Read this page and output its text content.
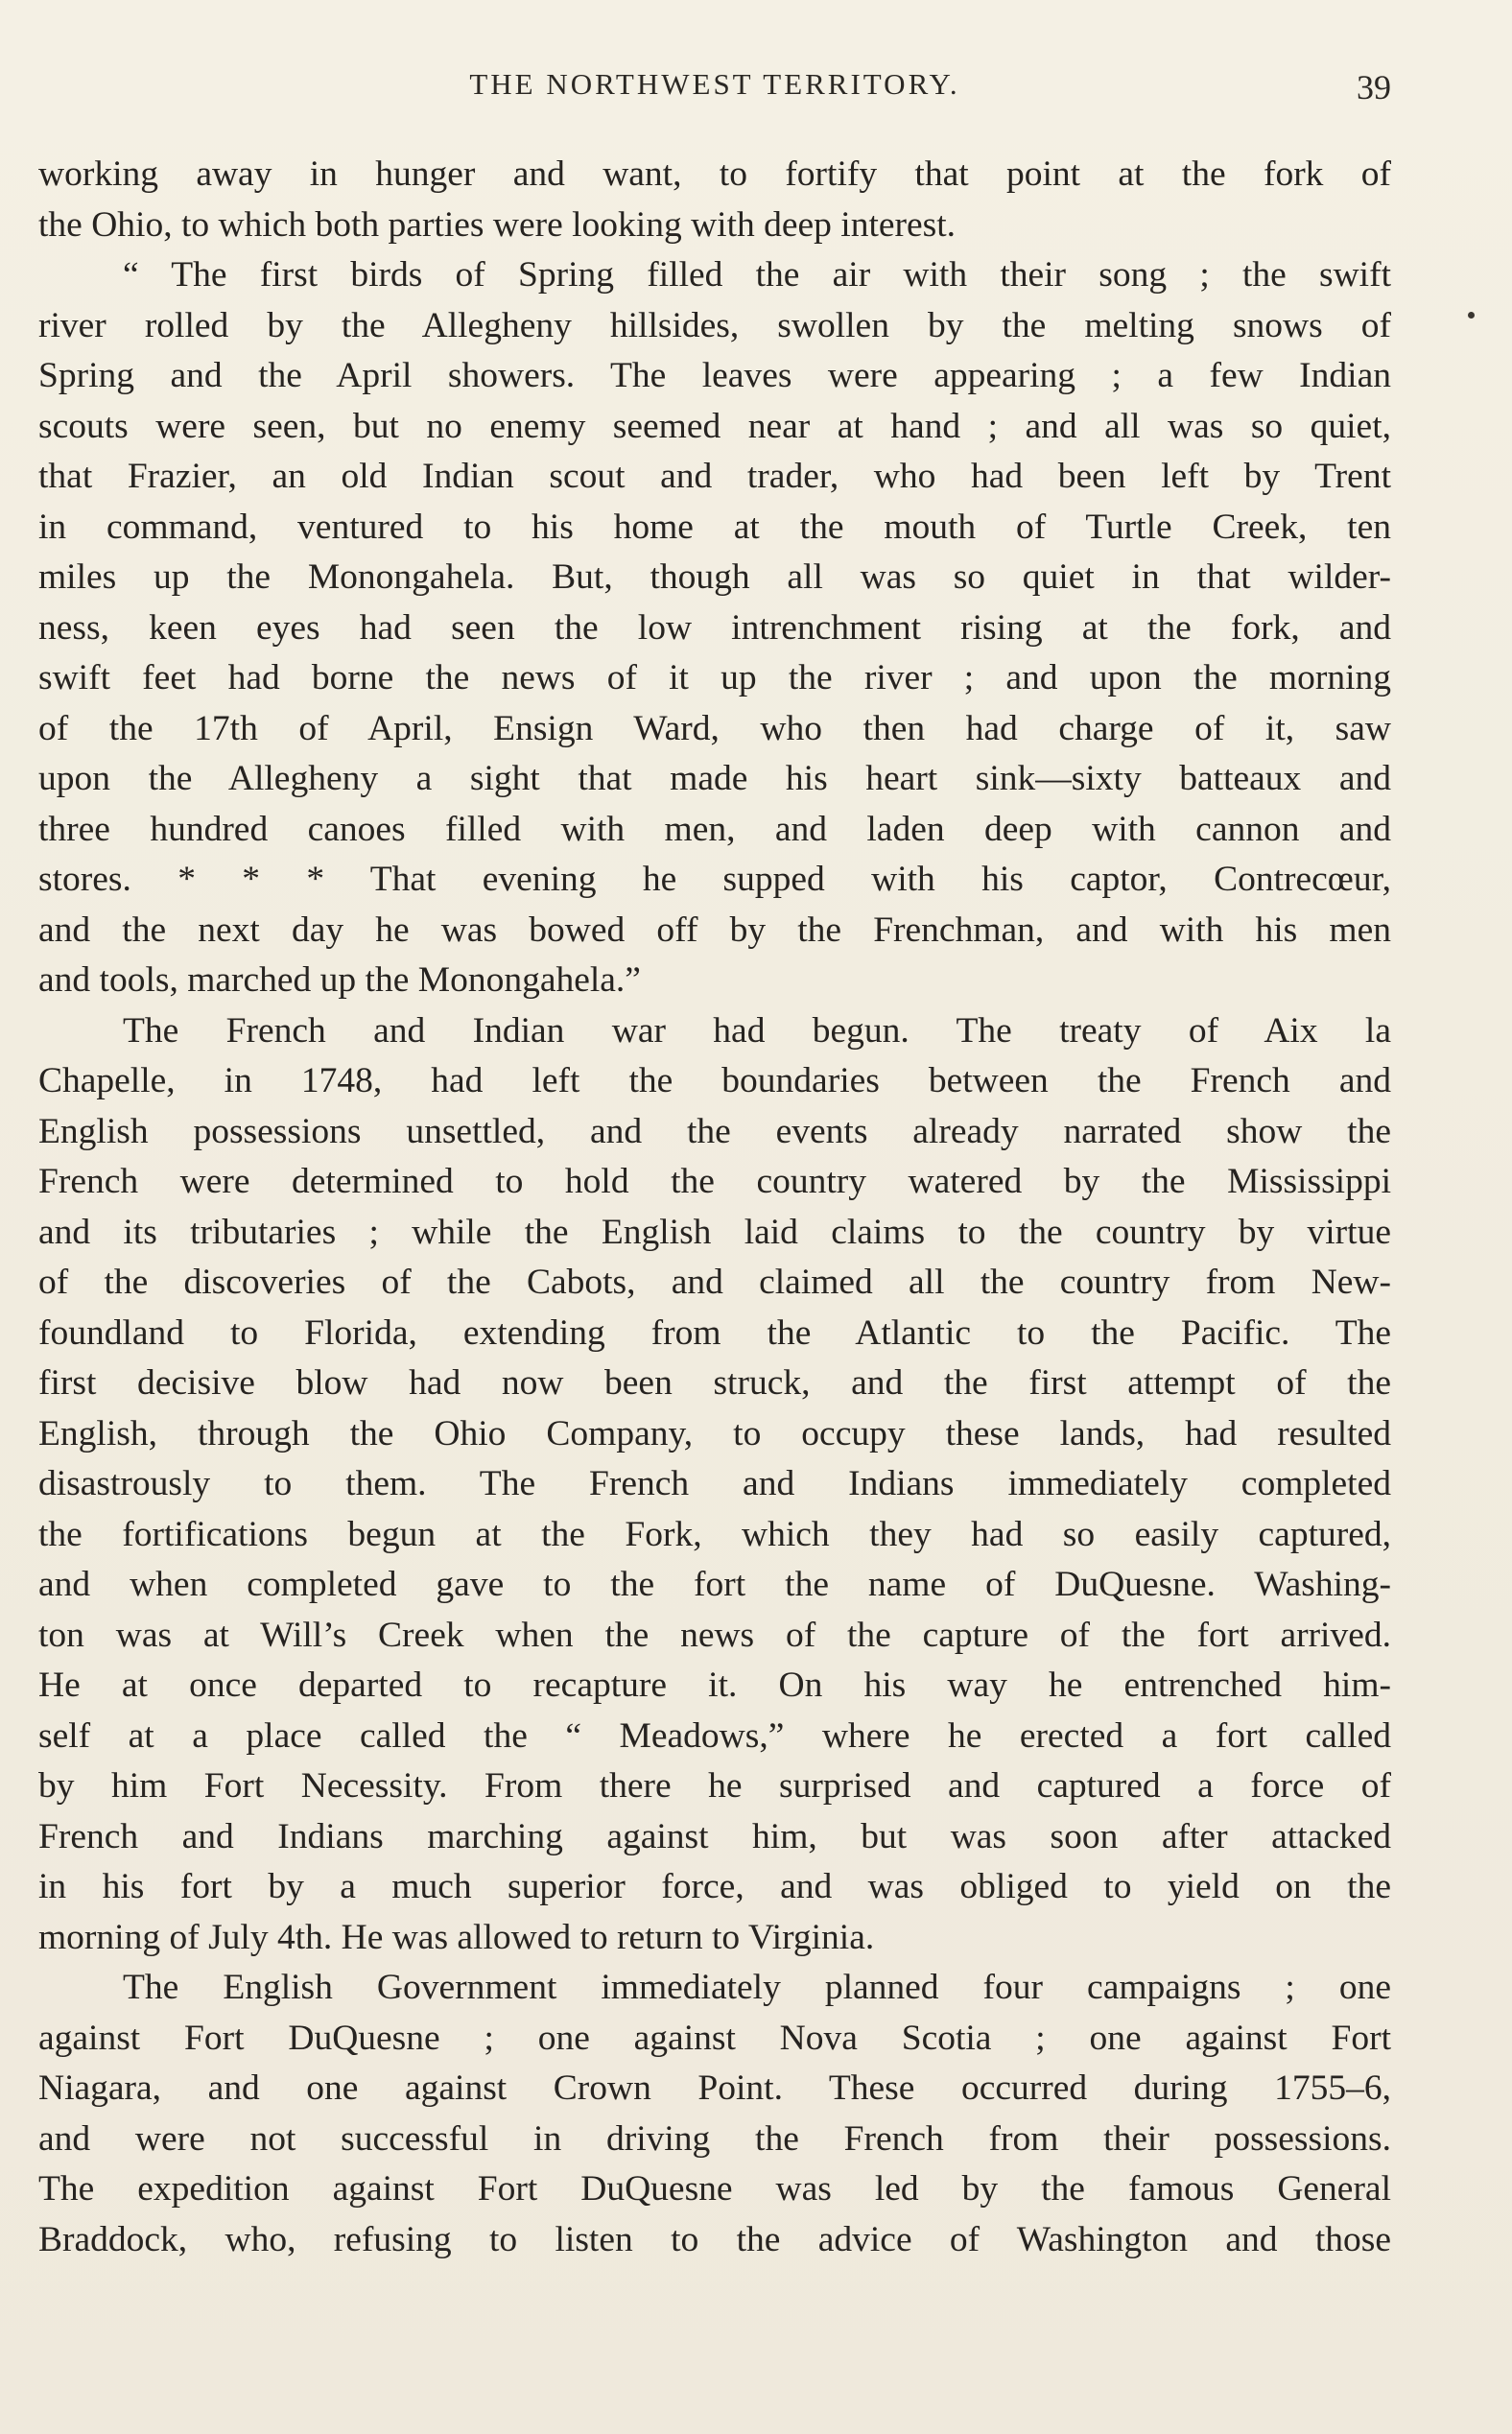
THE NORTHWEST TERRITORY.	39
working away in hunger and want, to fortify that point at the fork of
the Ohio, to which both parties were looking with deep interest.
“ The first birds of Spring filled the air with their song ; the swift
river rolled by the Allegheny hillsides, swollen by the melting snows of
Spring and the April showers. The leaves were appearing ; a few Indian
scouts were seen, but no enemy seemed near at hand ; and all was so quiet,
that Frazier, an old Indian scout and trader, who had been left by Trent
in command, ventured to his home at the mouth of Turtle Creek, ten
miles up the Monongahela. But, though all was so quiet in that wilder-
ness, keen eyes had seen the low intrenchment rising at the fork, and
swift feet had borne the news of it up the river ; and upon the morning
of the 17th of April, Ensign Ward, who then had charge of it, saw
upon the Allegheny a sight that made his heart sink—sixty batteaux and
three hundred canoes filled with men, and laden deep with cannon and
stores. * * * That evening he supped with his captor, Contrecœur,
and the next day he was bowed off by the Frenchman, and with his men
and tools, marched up the Monongahela.”
The French and Indian war had begun. The treaty of Aix la
Chapelle, in 1748, had left the boundaries between the French and
English possessions unsettled, and the events already narrated show the
French were determined to hold the country watered by the Mississippi
and its tributaries ; while the English laid claims to the country by virtue
of the discoveries of the Cabots, and claimed all the country from New-
foundland to Florida, extending from the Atlantic to the Pacific. The
first decisive blow had now been struck, and the first attempt of the
English, through the Ohio Company, to occupy these lands, had resulted
disastrously to them. The French and Indians immediately completed
the fortifications begun at the Fork, which they had so easily captured,
and when completed gave to the fort the name of DuQuesne. Washing-
ton was at Will’s Creek when the news of the capture of the fort arrived.
He at once departed to recapture it. On his way he entrenched him-
self at a place called the “ Meadows,” where he erected a fort called
by him Fort Necessity. From there he surprised and captured a force of
French and Indians marching against him, but was soon after attacked
in his fort by a much superior force, and was obliged to yield on the
morning of July 4th. He was allowed to return to Virginia.
The English Government immediately planned four campaigns ; one
against Fort DuQuesne ; one against Nova Scotia ; one against Fort
Niagara, and one against Crown Point. These occurred during 1755–6,
and were not successful in driving the French from their possessions.
The expedition against Fort DuQuesne was led by the famous General
Braddock, who, refusing to listen to the advice of Washington and those
